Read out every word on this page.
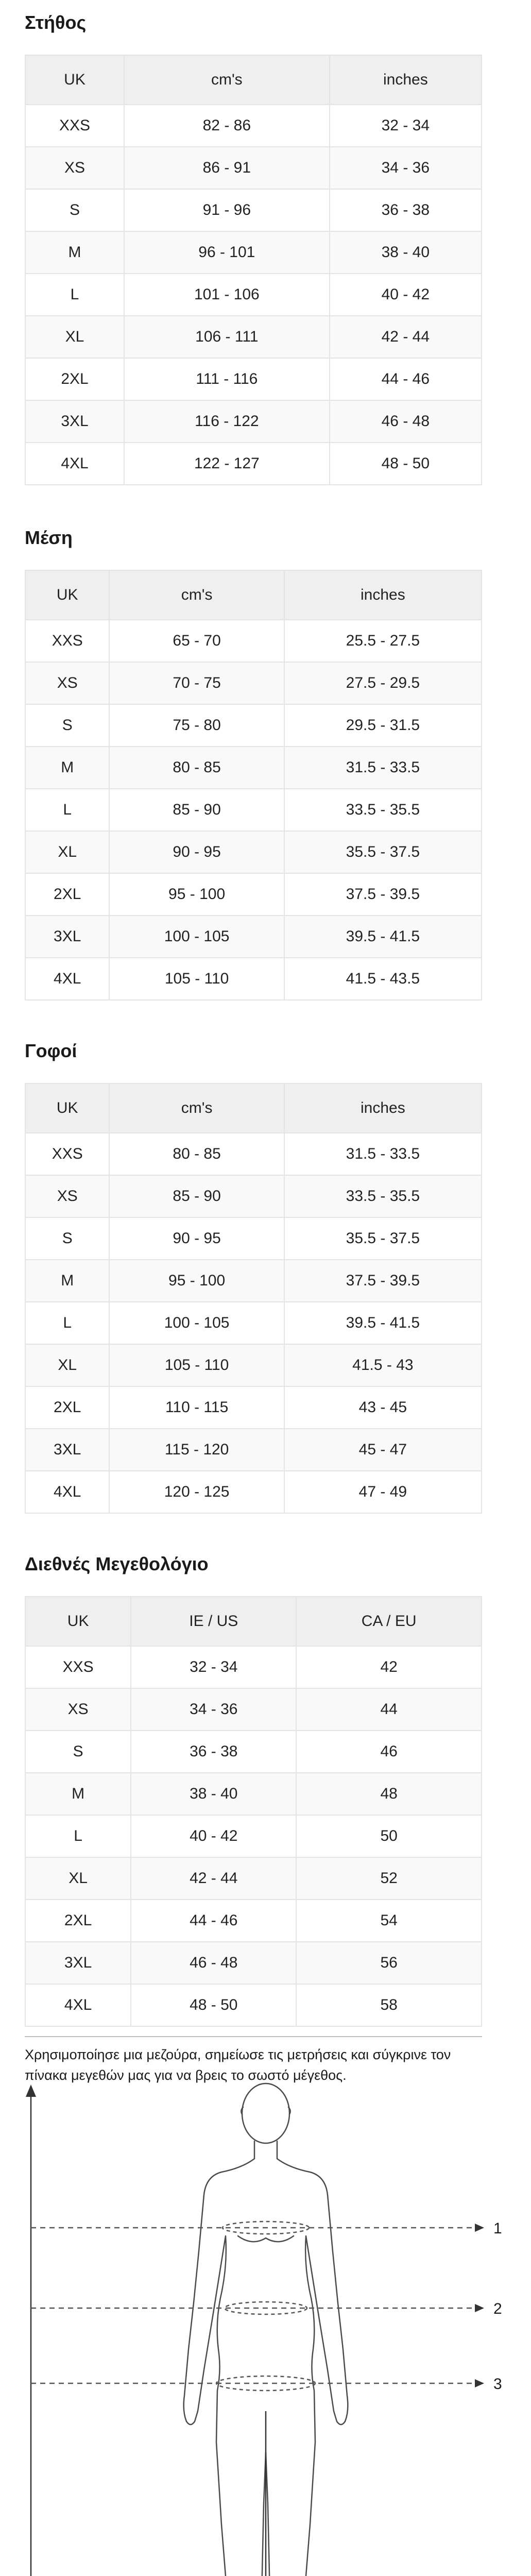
Στήθος
UK	cm's	inches
XXS	82 - 86	32 - 34
XS	86 - 91	34 - 36
S	91 - 96	36 - 38
M	96 - 101	38 - 40
L	101 - 106	40 - 42
XL	106 - 111	42 - 44
2XL	111 - 116	44 - 46
3XL	116 - 122	46 - 48
4XL	122 - 127	48 - 50
Μέση
UK	cm's	inches
XXS	65 - 70	25.5 - 27.5
XS	70 - 75	27.5 - 29.5
S	75 - 80	29.5 - 31.5
M	80 - 85	31.5 - 33.5
L	85 - 90	33.5 - 35.5
XL	90 - 95	35.5 - 37.5
2XL	95 - 100	37.5 - 39.5
3XL	100 - 105	39.5 - 41.5
4XL	105 - 110	41.5 - 43.5
Γοφοί
UK	cm's	inches
XXS	80 - 85	31.5 - 33.5
XS	85 - 90	33.5 - 35.5
S	90 - 95	35.5 - 37.5
M	95 - 100	37.5 - 39.5
L	100 - 105	39.5 - 41.5
XL	105 - 110	41.5 - 43
2XL	110 - 115	43 - 45
3XL	115 - 120	45 - 47
4XL	120 - 125	47 - 49
Διεθνές Μεγεθολόγιο
UK	IE / US	CA / EU
XXS	32 - 34	42
XS	34 - 36	44
S	36 - 38	46
M	38 - 40	48
L	40 - 42	50
XL	42 - 44	52
2XL	44 - 46	54
3XL	46 - 48	56
4XL	48 - 50	58

Χρησιμοποίησε μια μεζούρα, σημείωσε τις μετρήσεις και σύγκρινε τον πίνακα μεγεθών μας για να βρεις το σωστό μέγεθος.

1
2
3
